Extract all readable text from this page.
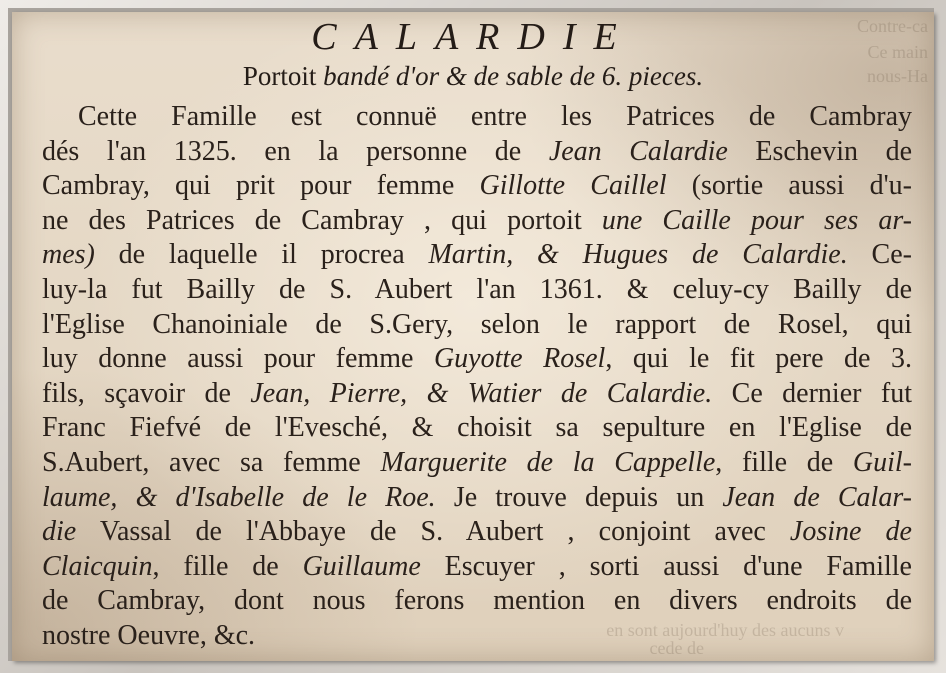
Contre-ca
Ce main
nous-Ha
en sont aujourd'huy des aucuns v
cede de
CALARDIE
Portoit bandé d'or & de sable de 6. pieces.
Cette Famille est connuë entre les Patrices de Cambray
dés l'an 1325. en la personne de Jean Calardie Eschevin de
Cambray, qui prit pour femme Gillotte Caillel (sortie aussi d'u-
ne des Patrices de Cambray , qui portoit une Caille pour ses ar-
mes) de laquelle il procrea Martin, & Hugues de Calardie. Ce-
luy-la fut Bailly de S. Aubert l'an 1361. & celuy-cy Bailly de
l'Eglise Chanoiniale de S.Gery, selon le rapport de Rosel, qui
luy donne aussi pour femme Guyotte Rosel, qui le fit pere de 3.
fils, sçavoir de Jean, Pierre, & Watier de Calardie. Ce dernier fut
Franc Fiefvé de l'Evesché, & choisit sa sepulture en l'Eglise de
S.Aubert, avec sa femme Marguerite de la Cappelle, fille de Guil-
laume, & d'Isabelle de le Roe. Je trouve depuis un Jean de Calar-
die Vassal de l'Abbaye de S. Aubert , conjoint avec Josine de
Claicquin, fille de Guillaume Escuyer , sorti aussi d'une Famille
de Cambray, dont nous ferons mention en divers endroits de
nostre Oeuvre, &c.
